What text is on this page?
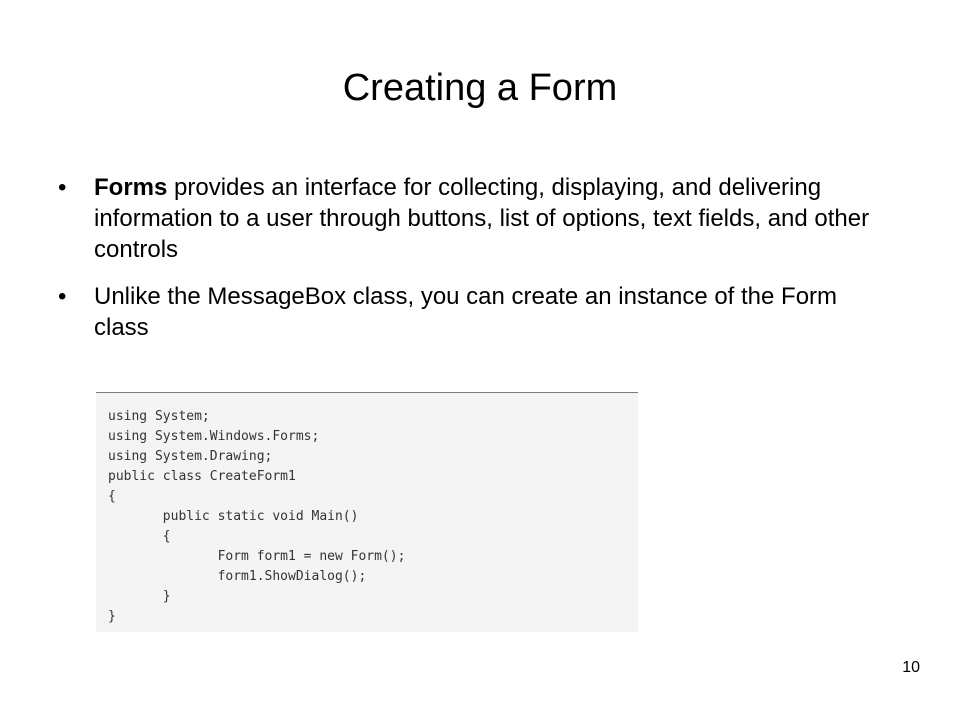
Creating a Form
•	Forms provides an interface for collecting, displaying, and delivering information to a user through buttons, list of options, text fields, and other controls
•	Unlike the MessageBox class, you can create an instance of the Form class
using System;
using System.Windows.Forms;
using System.Drawing;
public class CreateForm1
{
public static void Main()
{
Form form1 = new Form();
form1.ShowDialog();
}
}
10
